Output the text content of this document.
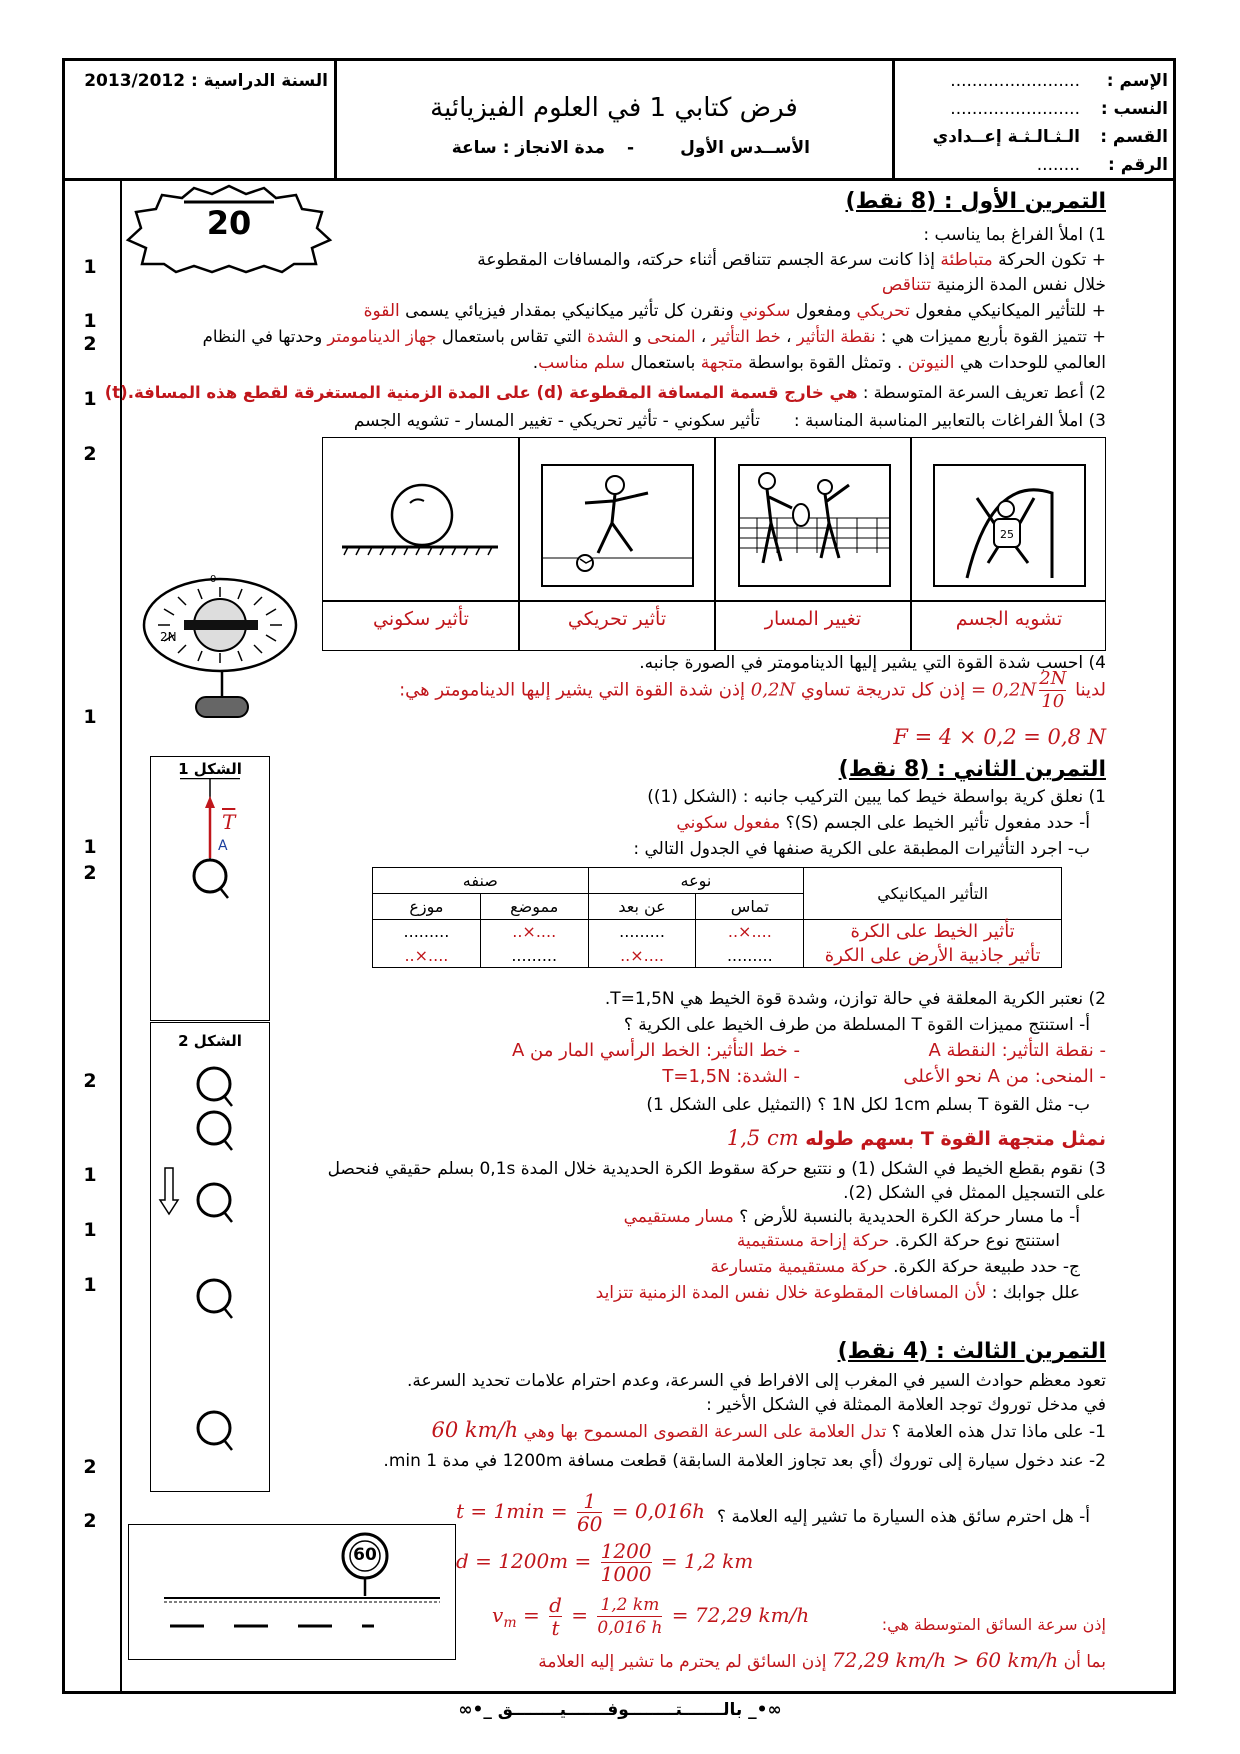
السنة الدراسية : 2013/2012
فرض كتابي 1 في العلوم الفيزيائية
الأســدس الأول
-
مدة الانجاز : ساعة
الإسم :
........................
النسب :
........................
القسم :
الـثـالـثـة إعــدادي
الرقم :
........
20
1
1
2
1
2
1
1
2
2
1
1
1
2
2
التمرين الأول : (8 نقط)
1) املأ الفراغ بما يناسب :
+ تكون الحركة متباطئة إذا كانت سرعة الجسم تتناقص أثناء حركته، والمسافات المقطوعة
خلال نفس المدة الزمنية تتناقص
+ للتأثير الميكانيكي مفعول تحريكي ومفعول سكوني ونقرن كل تأثير ميكانيكي بمقدار فيزيائي يسمى القوة
+ تتميز القوة بأربع مميزات هي : نقطة التأثير ، خط التأثير ، المنحى و الشدة التي تقاس باستعمال جهاز الدينامومتر وحدتها في النظام
العالمي للوحدات هي النيوتن . وتمثل القوة بواسطة متجهة باستعمال سلم مناسب.
2) أعط تعريف السرعة المتوسطة : هي خارج قسمة المسافة المقطوعة (d) على المدة الزمنية المستغرقة لقطع هذه المسافة.(t)
3) املأ الفراغات بالتعابير المناسبة المناسبة :
تأثير سكوني - تأثير تحريكي - تغيير المسار - تشويه الجسم
25
تأثير سكوني	تأثير تحريكي	تغيير المسار	تشويه الجسم
0
2N
4) احسب شدة القوة التي يشير إليها الدينامومتر في الصورة جانبه.
لدينا
$\frac{2N}{10}$
= 0,2N إذن كل تدريجة تساوي 0,2N إذن شدة القوة التي يشير إليها الدينامومتر هي:
F = 4 × 0,2 = 0,8 N
التمرين الثاني : (8 نقط)
الشكل 1
$\overline{T}$
A
1) نعلق كرية بواسطة خيط كما يبين التركيب جانبه : (الشكل (1))
أ- حدد مفعول تأثير الخيط على الجسم (S)؟ مفعول سكوني
ب- اجرد التأثيرات المطبقة على الكرية صنفها في الجدول التالي :
صنفه		نوعه		التأثير الميكانيكي
موزع	مموضع	عن بعد	تماس	
.........	..×....	.........	..×....	تأثير الخيط على الكرة
..×....	.........	..×....	.........	تأثير جاذبية الأرض على الكرة
2) نعتبر الكرية المعلقة في حالة توازن، وشدة قوة الخيط هي T=1,5N.
أ- استنتج مميزات القوة T المسلطة من طرف الخيط على الكرية ؟
- نقطة التأثير: النقطة A
- خط التأثير: الخط الرأسي المار من A
- المنحى: من A نحو الأعلى
- الشدة: T=1,5N
ب- مثل القوة T بسلم 1cm لكل 1N ؟ (التمثيل على الشكل 1)
نمثل متجهة القوة T بسهم طوله 1,5 cm
الشكل 2
3) نقوم بقطع الخيط في الشكل (1) و نتتبع حركة سقوط الكرة الحديدية خلال المدة 0,1s بسلم حقيقي فنحصل
على التسجيل الممثل في الشكل (2).
أ- ما مسار حركة الكرة الحديدية بالنسبة للأرض ؟ مسار مستقيمي
استنتج نوع حركة الكرة. حركة إزاحة مستقيمية
ج- حدد طبيعة حركة الكرة. حركة مستقيمية متسارعة
علل جوابك : لأن المسافات المقطوعة خلال نفس المدة الزمنية تتزايد
التمرين الثالث : (4 نقط)
تعود معظم حوادث السير في المغرب إلى الافراط في السرعة، وعدم احترام علامات تحديد السرعة.
في مدخل توروك توجد العلامة الممثلة في الشكل الأخير :
1- على ماذا تدل هذه العلامة ؟ تدل العلامة على السرعة القصوى المسموح بها وهي 60 km/h
2- عند دخول سيارة إلى توروك (أي بعد تجاوز العلامة السابقة) قطعت مسافة 1200m في مدة 1 min.
أ- هل احترم سائق هذه السيارة ما تشير إليه العلامة ؟
$t = 1\min = \frac{1}{60} = 0,016h$
$d = 1200m = \frac{1200}{1000} = 1,2$ km
$v_m = \frac{d}{t} = \frac{1,2 km}{0,016 h} = 72,29$ km/h	إذن سرعة السائق المتوسطة هي:
بما أن 72,29 km/h > 60 km/h إذن السائق لم يحترم ما تشير إليه العلامة
60
∞•_ بالـــــــتــــــــوفـــــــيــــــــق _•∞
